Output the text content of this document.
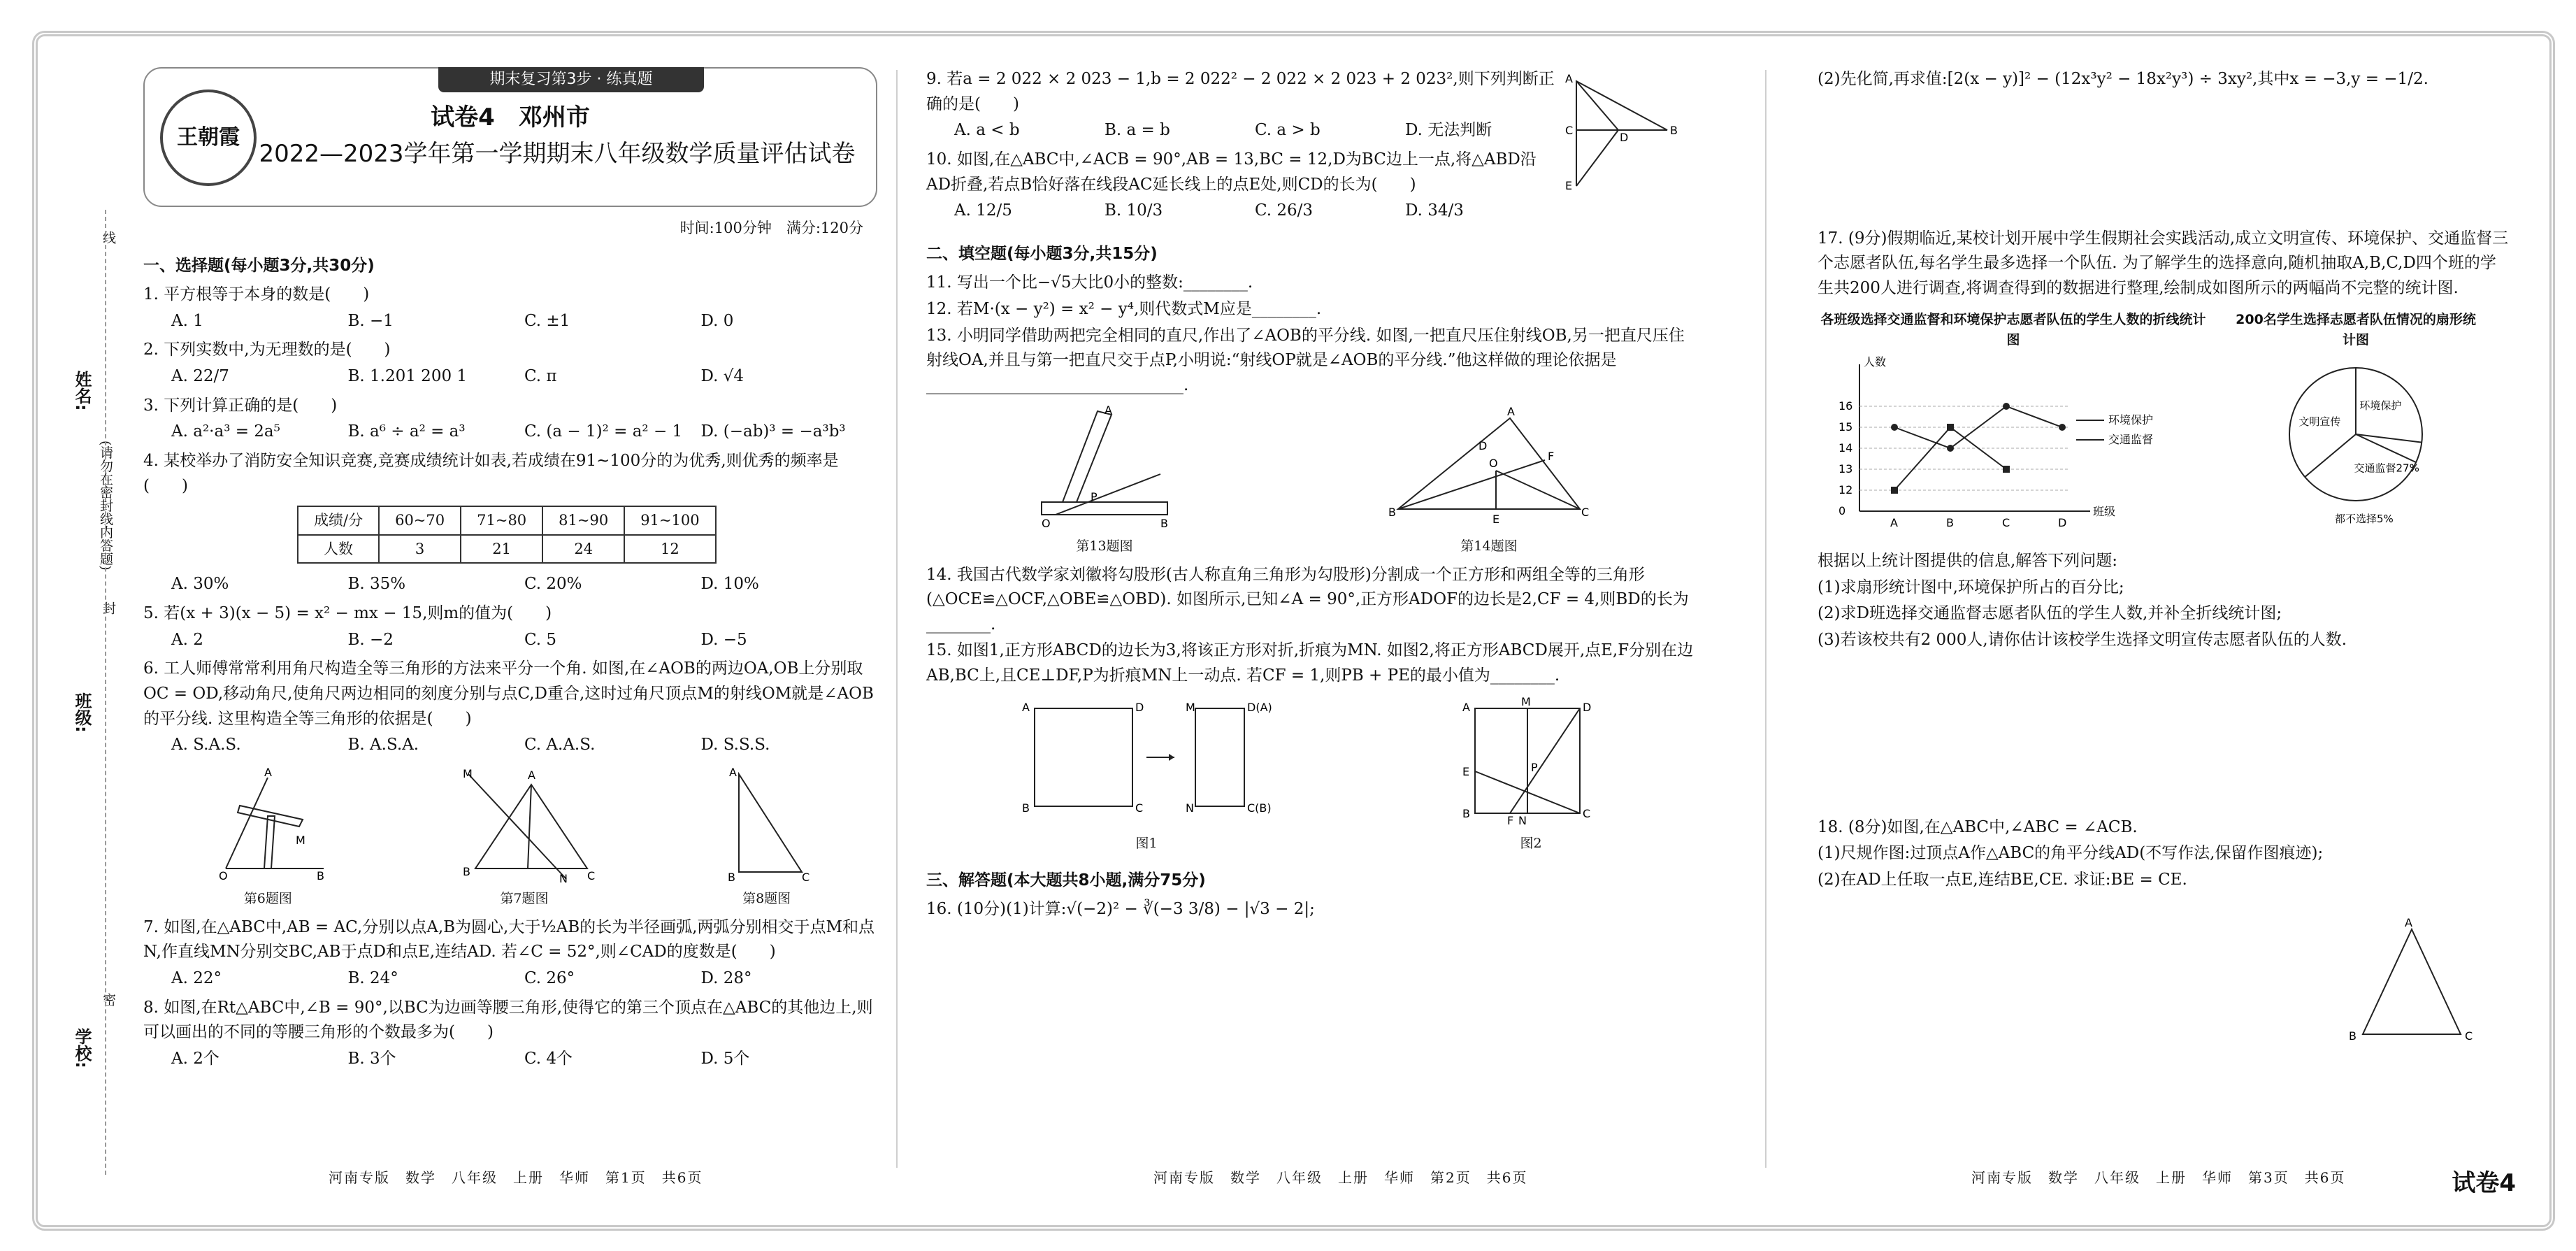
姓名:
班级:
学校:
(请勿在密封线内答题)
线
封
密
期末复习第3步 · 练真题
王朝霞
试卷4　邓州市
2022—2023学年第一学期期末八年级数学质量评估试卷
时间:100分钟　满分:120分
一、选择题(每小题3分,共30分)
1. 平方根等于本身的数是(　　)
A. 1	B. −1	C. ±1	D. 0
2. 下列实数中,为无理数的是(　　)
A. 22/7	B. 1.201 200 1	C. π	D. √4
3. 下列计算正确的是(　　)
A. a²·a³ = 2a⁵	B. a⁶ ÷ a² = a³	C. (a − 1)² = a² − 1	D. (−ab)³ = −a³b³
4. 某校举办了消防安全知识竞赛,竞赛成绩统计如表,若成绩在91~100分的为优秀,则优秀的频率是(　　)
成绩/分	60~70	71~80	81~90	91~100
人数	3	21	24	12
A. 30%	B. 35%	C. 20%	D. 10%
5. 若(x + 3)(x − 5) = x² − mx − 15,则m的值为(　　)
A. 2	B. −2	C. 5	D. −5
6. 工人师傅常常利用角尺构造全等三角形的方法来平分一个角. 如图,在∠AOB的两边OA,OB上分别取OC = OD,移动角尺,使角尺两边相同的刻度分别与点C,D重合,这时过角尺顶点M的射线OM就是∠AOB的平分线. 这里构造全等三角形的依据是(　　)
A. S.A.S.	B. A.S.A.	C. A.A.S.	D. S.S.S.
A
M
O	B
第6题图
A
B	C
M
N
第7题图
A
B	C
第8题图
7. 如图,在△ABC中,AB = AC,分别以点A,B为圆心,大于½AB的长为半径画弧,两弧分别相交于点M和点N,作直线MN分别交BC,AB于点D和点E,连结AD. 若∠C = 52°,则∠CAD的度数是(　　)
A. 22°	B. 24°	C. 26°	D. 28°
8. 如图,在Rt△ABC中,∠B = 90°,以BC为边画等腰三角形,使得它的第三个顶点在△ABC的其他边上,则可以画出的不同的等腰三角形的个数最多为(　　)
A. 2个	B. 3个	C. 4个	D. 5个
9. 若a = 2 022 × 2 023 − 1,b = 2 022² − 2 022 × 2 023 + 2 023²,则下列判断正确的是(　　)
A. a < b	B. a = b	C. a > b	D. 无法判断
10. 如图,在△ABC中,∠ACB = 90°,AB = 13,BC = 12,D为BC边上一点,将△ABD沿AD折叠,若点B恰好落在线段AC延长线上的点E处,则CD的长为(　　)
A. 12/5	B. 10/3	C. 26/3	D. 34/3
A
C
D
B
E
二、填空题(每小题3分,共15分)
11. 写出一个比−√5大比0小的整数:________.
12. 若M·(x − y²) = x² − y⁴,则代数式M应是________.
13. 小明同学借助两把完全相同的直尺,作出了∠AOB的平分线. 如图,一把直尺压住射线OB,另一把直尺压住射线OA,并且与第一把直尺交于点P,小明说:“射线OP就是∠AOB的平分线.”他这样做的理论依据是________________________________.
A
P
O	B
第13题图
A
B	C
O
E
F
D
第14题图
14. 我国古代数学家刘徽将勾股形(古人称直角三角形为勾股形)分割成一个正方形和两组全等的三角形(△OCE≌△OCF,△OBE≌△OBD). 如图所示,已知∠A = 90°,正方形ADOF的边长是2,CF = 4,则BD的长为________.
15. 如图1,正方形ABCD的边长为3,将该正方形对折,折痕为MN. 如图2,将正方形ABCD展开,点E,F分别在边AB,BC上,且CE⊥DF,P为折痕MN上一动点. 若CF = 1,则PB + PE的最小值为________.
A	D
B	C
M	D(A)
N	C(B)
图1
A	D
B	C
E
M
N
F
P
图2
三、解答题(本大题共8小题,满分75分)
16. (10分)(1)计算:√(−2)² − ∛(−3 3/8) − |√3 − 2|;
(2)先化简,再求值:[2(x − y)]² − (12x³y² − 18x²y³) ÷ 3xy²,其中x = −3,y = −1/2.
17. (9分)假期临近,某校计划开展中学生假期社会实践活动,成立文明宣传、环境保护、交通监督三个志愿者队伍,每名学生最多选择一个队伍. 为了解学生的选择意向,随机抽取A,B,C,D四个班的学生共200人进行调查,将调查得到的数据进行整理,绘制成如图所示的两幅尚不完整的统计图.
各班级选择交通监督和环境保护志愿者队伍的学生人数的折线统计图
人数
班级
0
12
13
14
15
16
A	B	C	D
环境保护
交通监督
200名学生选择志愿者队伍情况的扇形统计图
环境保护
文明宣传
交通监督27%
都不选择5%
根据以上统计图提供的信息,解答下列问题:
(1)求扇形统计图中,环境保护所占的百分比;
(2)求D班选择交通监督志愿者队伍的学生人数,并补全折线统计图;
(3)若该校共有2 000人,请你估计该校学生选择文明宣传志愿者队伍的人数.
18. (8分)如图,在△ABC中,∠ABC = ∠ACB.
(1)尺规作图:过顶点A作△ABC的角平分线AD(不写作法,保留作图痕迹);
(2)在AD上任取一点E,连结BE,CE. 求证:BE = CE.
A
B	C
河南专版　数学　八年级　上册　华师　第1页　共6页	河南专版　数学　八年级　上册　华师　第2页　共6页	河南专版　数学　八年级　上册　华师　第3页　共6页	试卷4
